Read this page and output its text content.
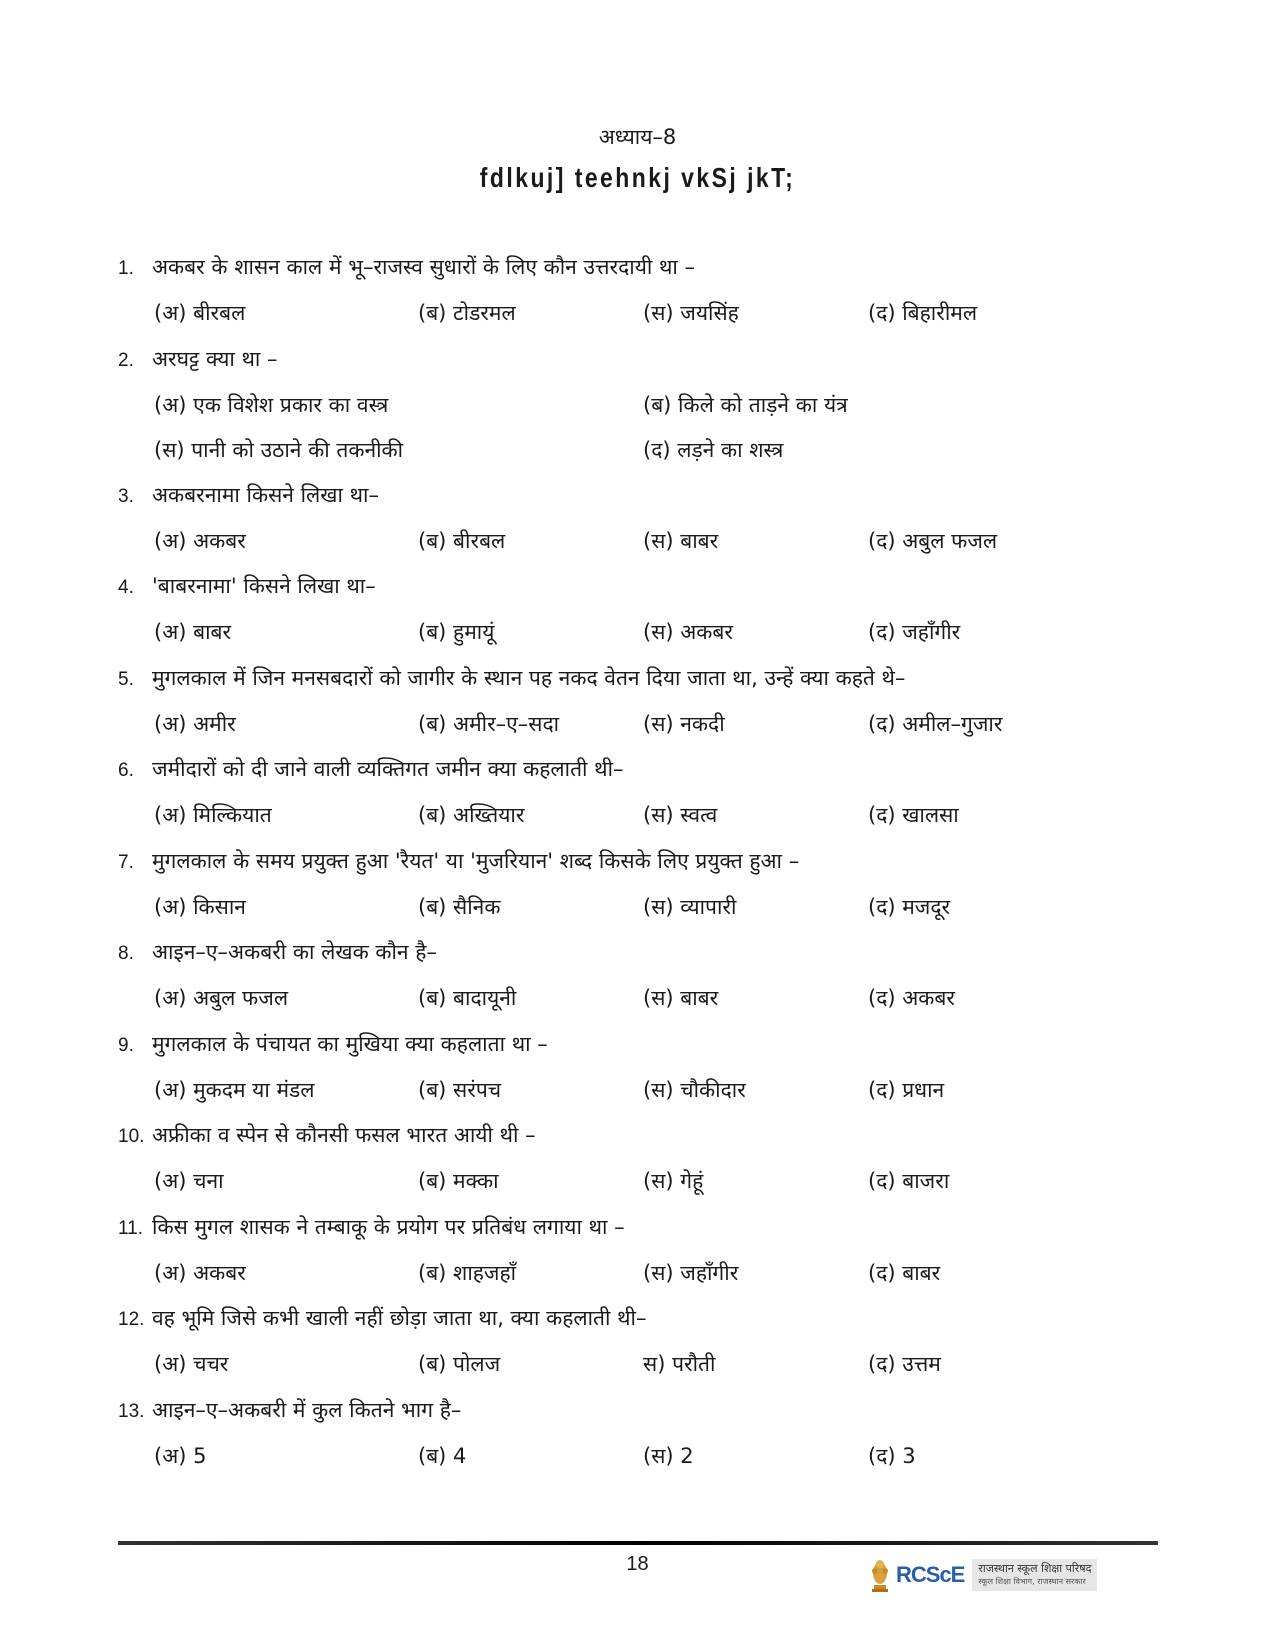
अध्याय–8
fdlkuj] teehnkj vkSj jkT;
1. अकबर के शासन काल में भू–राजस्व सुधारों के लिए कौन उत्तरदायी था –
(अ) बीरबल	(ब) टोडरमल	(स) जयसिंह	(द) बिहारीमल
2. अरघट्ट क्या था –
(अ) एक विशेश प्रकार का वस्त्र	(ब) किले को ताड़ने का यंत्र
(स) पानी को उठाने की तकनीकी	(द) लड़ने का शस्त्र
3. अकबरनामा किसने लिखा था–
(अ) अकबर	(ब) बीरबल	(स) बाबर	(द) अबुल फजल
4. 'बाबरनामा' किसने लिखा था–
(अ) बाबर	(ब) हुमायूं	(स) अकबर	(द) जहाँगीर
5. मुगलकाल में जिन मनसबदारों को जागीर के स्थान पह नकद वेतन दिया जाता था, उन्हें क्या कहते थे–
(अ) अमीर	(ब) अमीर–ए–सदा	(स) नकदी	(द) अमील–गुजार
6. जमीदारों को दी जाने वाली व्यक्तिगत जमीन क्या कहलाती थी–
(अ) मिल्कियात	(ब) अख्तियार	(स) स्वत्व	(द) खालसा
7. मुगलकाल के समय प्रयुक्त हुआ 'रैयत' या 'मुजरियान' शब्द किसके लिए प्रयुक्त हुआ –
(अ) किसान	(ब) सैनिक	(स) व्यापारी	(द) मजदूर
8. आइन–ए–अकबरी का लेखक कौन है–
(अ) अबुल फजल	(ब) बादायूनी	(स) बाबर	(द) अकबर
9. मुगलकाल के पंचायत का मुखिया क्या कहलाता था –
(अ) मुकदम या मंडल	(ब) सरंपच	(स) चौकीदार	(द) प्रधान
10. अफ्रीका व स्पेन से कौनसी फसल भारत आयी थी –
(अ) चना	(ब) मक्का	(स) गेहूं	(द) बाजरा
11. किस मुगल शासक ने तम्बाकू के प्रयोग पर प्रतिबंध लगाया था –
(अ) अकबर	(ब) शाहजहाँ	(स) जहाँगीर	(द) बाबर
12. वह भूमि जिसे कभी खाली नहीं छोड़ा जाता था, क्या कहलाती थी–
(अ) चचर	(ब) पोलज	स) परौती	(द) उत्तम
13. आइन–ए–अकबरी में कुल कितने भाग है–
(अ) 5	(ब) 4	(स) 2	(द) 3
18	RCScE राजस्थान स्कूल शिक्षा परिषद
स्कूल शिक्षा विभाग, राजस्थान सरकार
